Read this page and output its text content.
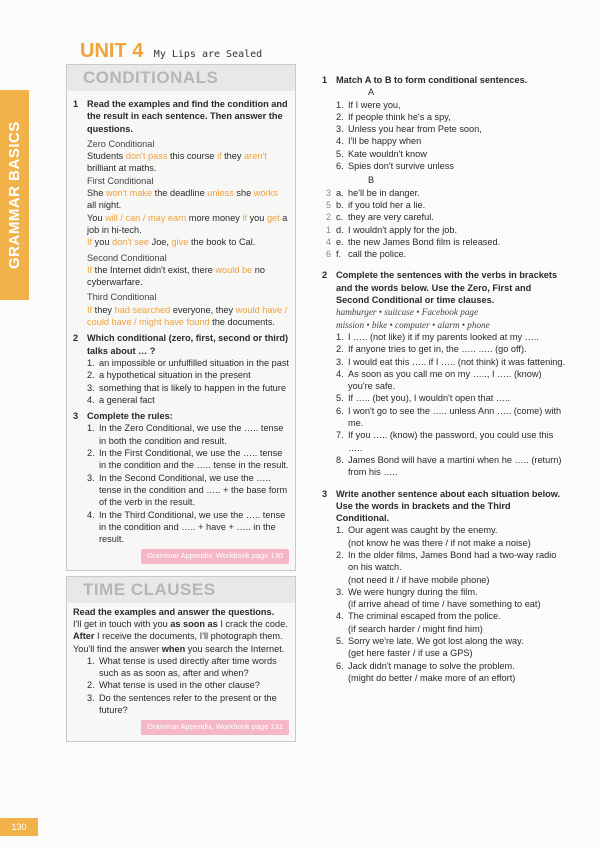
GRAMMAR BASICS
130
UNIT 4 My Lips are Sealed
CONDITIONALS
1 Read the examples and find the condition and the result in each sentence. Then answer the questions.
Zero Conditional
Students don't pass this course if they aren't brilliant at maths.
First Conditional
She won't make the deadline unless she works all night.
You will / can / may earn more money if you get a job in hi-tech.
If you don't see Joe, give the book to Cal.
Second Conditional
If the Internet didn't exist, there would be no cyberwarfare.
Third Conditional
If they had searched everyone, they would have / could have / might have found the documents.
2 Which conditional (zero, first, second or third) talks about … ?
1. an impossible or unfulfilled situation in the past
2. a hypothetical situation in the present
3. something that is likely to happen in the future
4. a general fact
3 Complete the rules:
1. In the Zero Conditional, we use the ….. tense in both the condition and result.
2. In the First Conditional, we use the ….. tense in the condition and the ….. tense in the result.
3. In the Second Conditional, we use the ….. tense in the condition and ….. + the base form of the verb in the result.
4. In the Third Conditional, we use the ….. tense in the condition and ….. + have + ….. in the result.
Grammar Appendix, Workbook page 130
TIME CLAUSES
Read the examples and answer the questions.
I'll get in touch with you as soon as I crack the code.
After I receive the documents, I'll photograph them.
You'll find the answer when you search the Internet.
1. What tense is used directly after time words such as as soon as, after and when?
2. What tense is used in the other clause?
3. Do the sentences refer to the present or the future?
Grammar Appendix, Workbook page 131
1 Match A to B to form conditional sentences.
A
1. If I were you,
2. If people think he's a spy,
3. Unless you hear from Pete soon,
4. I'll be happy when
5. Kate wouldn't know
6. Spies don't survive unless
B
3 a. he'll be in danger.
5 b. if you told her a lie.
2 c. they are very careful.
1 d. I wouldn't apply for the job.
4 e. the new James Bond film is released.
6 f. call the police.
2 Complete the sentences with the verbs in brackets and the words below. Use the Zero, First and Second Conditional or time clauses.
hamburger • suitcase • Facebook page
mission • bike • computer • alarm • phone
1. I ….. (not like) it if my parents looked at my …..
2. If anyone tries to get in, the ….. ….. (go off).
3. I would eat this ….. if I ….. (not think) it was fattening.
4. As soon as you call me on my ….., I ….. (know) you're safe.
5. If ….. (bet you), I wouldn't open that …..
6. I won't go to see the ….. unless Ann ….. (come) with me.
7. If you ….. (know) the password, you could use this …..
8. James Bond will have a martini when he ….. (return) from his …..
3 Write another sentence about each situation below. Use the words in brackets and the Third Conditional.
1. Our agent was caught by the enemy.
(not know he was there / if not make a noise)
2. In the older films, James Bond had a two-way radio on his watch.
(not need it / if have mobile phone)
3. We were hungry during the film.
(if arrive ahead of time / have something to eat)
4. The criminal escaped from the police.
(if search harder / might find him)
5. Sorry we're late. We got lost along the way.
(get here faster / if use a GPS)
6. Jack didn't manage to solve the problem.
(might do better / make more of an effort)
